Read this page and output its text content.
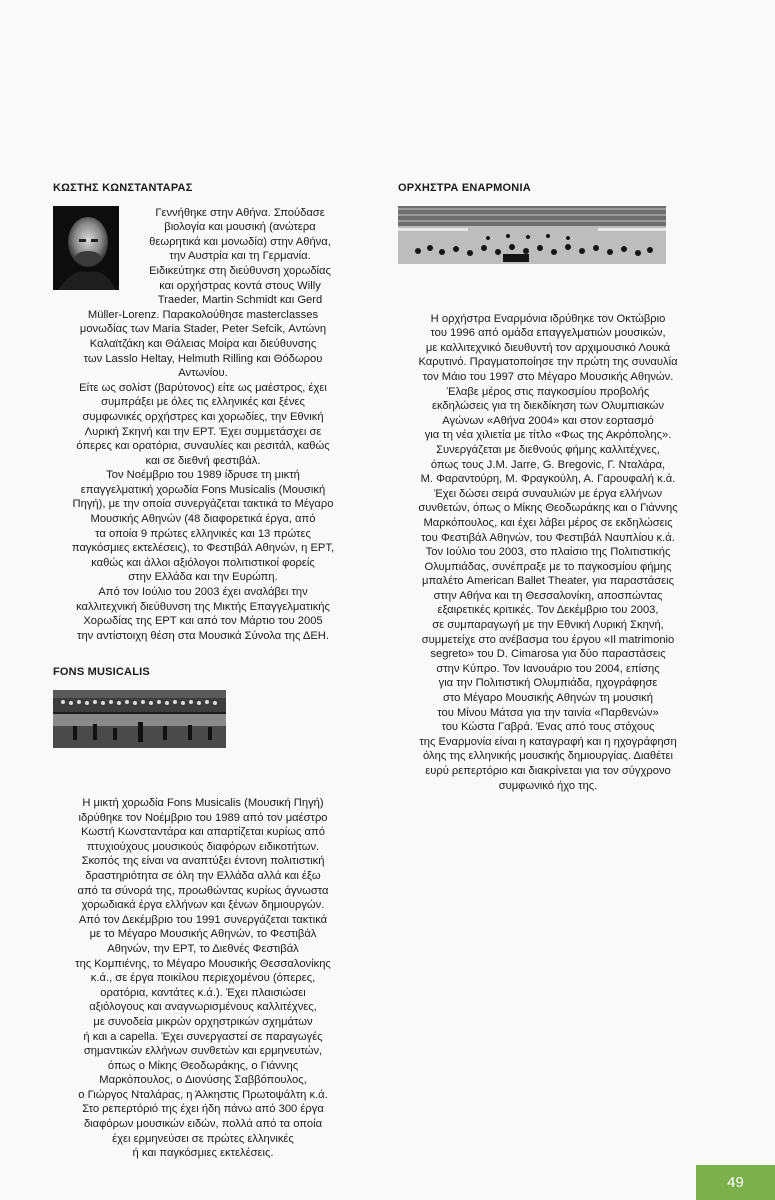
ΚΩΣΤΗΣ ΚΩΝΣΤΑΝΤΑΡΑΣ
Γεννήθηκε στην Αθήνα. Σπούδασε
βιολογία και μουσική (ανώτερα
θεωρητικά και μονωδία) στην Αθήνα,
την Αυστρία και τη Γερμανία.
Ειδικεύτηκε στη διεύθυνση χορωδίας
και ορχήστρας κοντά στους Willy
Traeder, Martin Schmidt και Gerd

Müller-Lorenz. Παρακολούθησε masterclasses
μονωδίας των Maria Stader, Peter Sefcik, Αντώνη
Καλαϊτζάκη και Θάλειας Μοίρα και διεύθυνσης
των Lasslo Heltay, Helmuth Rilling και Θόδωρου
Αντωνίου.
Είτε ως σολίστ (βαρύτονος) είτε ως μαέστρος, έχει
συμπράξει με όλες τις ελληνικές και ξένες
συμφωνικές ορχήστρες και χορωδίες, την Εθνική
Λυρική Σκηνή και την ΕΡΤ. Έχει συμμετάσχει σε
όπερες και ορατόρια, συναυλίες και ρεσιτάλ, καθώς
και σε διεθνή φεστιβάλ.
Τον Νοέμβριο του 1989 ίδρυσε τη μικτή
επαγγελματική χορωδία Fons Musicalis (Μουσική
Πηγή), με την οποία συνεργάζεται τακτικά το Μέγαρο
Μουσικής Αθηνών (48 διαφορετικά έργα, από
τα οποία 9 πρώτες ελληνικές και 13 πρώτες
παγκόσμιες εκτελέσεις), το Φεστιβάλ Αθηνών, η ΕΡΤ,
καθώς και άλλοι αξιόλογοι πολιτιστικοί φορείς
στην Ελλάδα και την Ευρώπη.
Από τον Ιούλιο του 2003 έχει αναλάβει την
καλλιτεχνική διεύθυνση της Μικτής Επαγγελματικής
Χορωδίας της ΕΡΤ και από τον Μάρτιο του 2005
την αντίστοιχη θέση στα Μουσικά Σύνολα της ΔΕΗ.

FONS MUSICALIS

Η μικτή χορωδία Fons Musicalis (Μουσική Πηγή)
ιδρύθηκε τον Νοέμβριο του 1989 από τον μαέστρο
Κωστή Κωνσταντάρα και απαρτίζεται κυρίως από
πτυχιούχους μουσικούς διαφόρων ειδικοτήτων.
Σκοπός της είναι να αναπτύξει έντονη πολιτιστική
δραστηριότητα σε όλη την Ελλάδα αλλά και έξω
από τα σύνορά της, προωθώντας κυρίως άγνωστα
χορωδιακά έργα ελλήνων και ξένων δημιουργών.
Από τον Δεκέμβριο του 1991 συνεργάζεται τακτικά
με το Μέγαρο Μουσικής Αθηνών, το Φεστιβάλ
Αθηνών, την ΕΡΤ, το Διεθνές Φεστιβάλ
της Κομπιένης, το Μέγαρο Μουσικής Θεσσαλονίκης
κ.ά., σε έργα ποικίλου περιεχομένου (όπερες,
ορατόρια, καντάτες κ.ά.). Έχει πλαισιώσει
αξιόλογους και αναγνωρισμένους καλλιτέχνες,
με συνοδεία μικρών ορχηστρικών σχημάτων
ή και a capella. Έχει συνεργαστεί σε παραγωγές
σημαντικών ελλήνων συνθετών και ερμηνευτών,
όπως ο Μίκης Θεοδωράκης, ο Γιάννης
Μαρκόπουλος, ο Διονύσης Σαββόπουλος,
ο Γιώργος Νταλάρας, η Άλκηστις Πρωτοψάλτη κ.ά.
Στο ρεπερτόριό της έχει ήδη πάνω από 300 έργα
διαφόρων μουσικών ειδών, πολλά από τα οποία
έχει ερμηνεύσει σε πρώτες ελληνικές
ή και παγκόσμιες εκτελέσεις.

ΟΡΧΗΣΤΡΑ ΕΝΑΡΜΟΝΙΑ

Η ορχήστρα Εναρμόνια ιδρύθηκε τον Οκτώβριο
του 1996 από ομάδα επαγγελματιών μουσικών,
με καλλιτεχνικό διευθυντή τον αρχιμουσικό Λουκά
Καρυτινό. Πραγματοποίησε την πρώτη της συναυλία
τον Μάιο του 1997 στο Μέγαρο Μουσικής Αθηνών.
Έλαβε μέρος στις παγκοσμίου προβολής
εκδηλώσεις για τη διεκδίκηση των Ολυμπιακών
Αγώνων «Αθήνα 2004» και στον εορτασμό
για τη νέα χιλιετία με τίτλο «Φως της Ακρόπολης».
Συνεργάζεται με διεθνούς φήμης καλλιτέχνες,
όπως τους J.M. Jarre, G. Bregovic, Γ. Νταλάρα,
Μ. Φαραντούρη, Μ. Φραγκούλη, Α. Γαρουφαλή κ.ά.
Έχει δώσει σειρά συναυλιών με έργα ελλήνων
συνθετών, όπως ο Μίκης Θεοδωράκης και ο Γιάννης
Μαρκόπουλος, και έχει λάβει μέρος σε εκδηλώσεις
του Φεστιβάλ Αθηνών, του Φεστιβάλ Ναυπλίου κ.ά.
Τον Ιούλιο του 2003, στο πλαίσιο της Πολιτιστικής
Ολυμπιάδας, συνέπραξε με το παγκοσμίου φήμης
μπαλέτο American Ballet Theater, για παραστάσεις
στην Αθήνα και τη Θεσσαλονίκη, αποσπώντας
εξαιρετικές κριτικές. Τον Δεκέμβριο του 2003,
σε συμπαραγωγή με την Εθνική Λυρική Σκηνή,
συμμετείχε στο ανέβασμα του έργου «Il matrimonio
segreto» του D. Cimarosa για δύο παραστάσεις
στην Κύπρο. Τον Ιανουάριο του 2004, επίσης
για την Πολιτιστική Ολυμπιάδα, ηχογράφησε
στο Μέγαρο Μουσικής Αθηνών τη μουσική
του Μίνου Μάτσα για την ταινία «Παρθενών»
του Κώστα Γαβρά. Ένας από τους στόχους
της Εναρμονία είναι η καταγραφή και η ηχογράφηση
όλης της ελληνικής μουσικής δημιουργίας. Διαθέτει
ευρύ ρεπερτόριο και διακρίνεται για τον σύγχρονο
συμφωνικό ήχο της.

49
